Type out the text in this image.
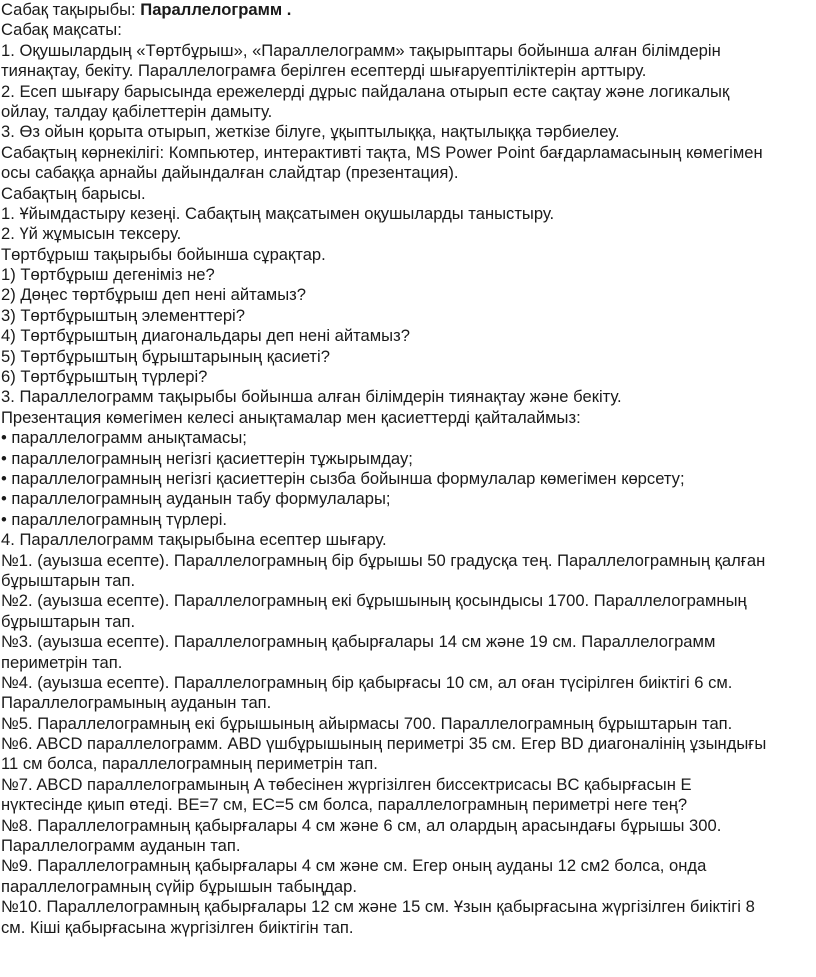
Сабақ тақырыбы: Параллелограмм .
Сабақ мақсаты:
1. Оқушылардың «Төртбұрыш», «Параллелограмм» тақырыптары бойынша алған білімдерін
тиянақтау, бекіту. Параллелограмға берілген есептерді шығаруептіліктерін арттыру.
2. Есеп шығару барысында ережелерді дұрыс пайдалана отырып есте сақтау және логикалық
ойлау, талдау қабілеттерін дамыту.
3. Өз ойын қорыта отырып, жеткізе білуге, ұқыптылыққа, нақтылыққа тәрбиелеу.
Сабақтың көрнекілігі: Компьютер, интерактивті тақта, MS Power Point бағдарламасының көмегімен
осы сабаққа арнайы дайындалған слайдтар (презентация).
Сабақтың барысы.
1. Ұйымдастыру кезеңі. Сабақтың мақсатымен оқушыларды таныстыру.
2. Үй жұмысын тексеру.
Төртбұрыш тақырыбы бойынша сұрақтар.
1) Төртбұрыш дегеніміз не?
2) Дөңес төртбұрыш деп нені айтамыз?
3) Төртбұрыштың элементтері?
4) Төртбұрыштың диагональдары деп нені айтамыз?
5) Төртбұрыштың бұрыштарының қасиеті?
6) Төртбұрыштың түрлері?
3. Параллелограмм тақырыбы бойынша алған білімдерін тиянақтау және бекіту.
Презентация көмегімен келесі анықтамалар мен қасиеттерді қайталаймыз:
• параллелограмм анықтамасы;
• параллелограмның негізгі қасиеттерін тұжырымдау;
• параллелограмның негізгі қасиеттерін сызба бойынша формулалар көмегімен көрсету;
• параллелограмның ауданын табу формулалары;
• параллелограмның түрлері.
4. Параллелограмм тақырыбына есептер шығару.
№1. (ауызша есепте). Параллелограмның бір бұрышы 50 градусқа тең. Параллелограмның қалған
бұрыштарын тап.
№2. (ауызша есепте). Параллелограмның екі бұрышының қосындысы 1700. Параллелограмның
бұрыштарын тап.
№3. (ауызша есепте). Параллелограмның қабырғалары 14 см және 19 см. Параллелограмм
периметрін тап.
№4. (ауызша есепте). Параллелограмның бір қабырғасы 10 см, ал оған түсірілген биіктігі 6 см.
Параллелограмының ауданын тап.
№5. Параллелограмның екі бұрышының айырмасы 700. Параллелограмның бұрыштарын тап.
№6. ABCD параллелограмм. ABD үшбұрышының периметрі 35 см. Егер BD диагоналінің ұзындығы
11 см болса, параллелограмның периметрін тап.
№7. ABCD параллелограмының A төбесінен жүргізілген биссектрисасы BC қабырғасын E
нүктесінде қиып өтеді. BE=7 см, EC=5 см болса, параллелограмның периметрі неге тең?
№8. Параллелограмның қабырғалары 4 см және 6 см, ал олардың арасындағы бұрышы 300.
Параллелограмм ауданын тап.
№9. Параллелограмның қабырғалары 4 см және см. Егер оның ауданы 12 см2 болса, онда
параллелограмның сүйір бұрышын табыңдар.
№10. Параллелограмның қабырғалары 12 см және 15 см. Ұзын қабырғасына жүргізілген биіктігі 8
см. Кіші қабырғасына жүргізілген биіктігін тап.
